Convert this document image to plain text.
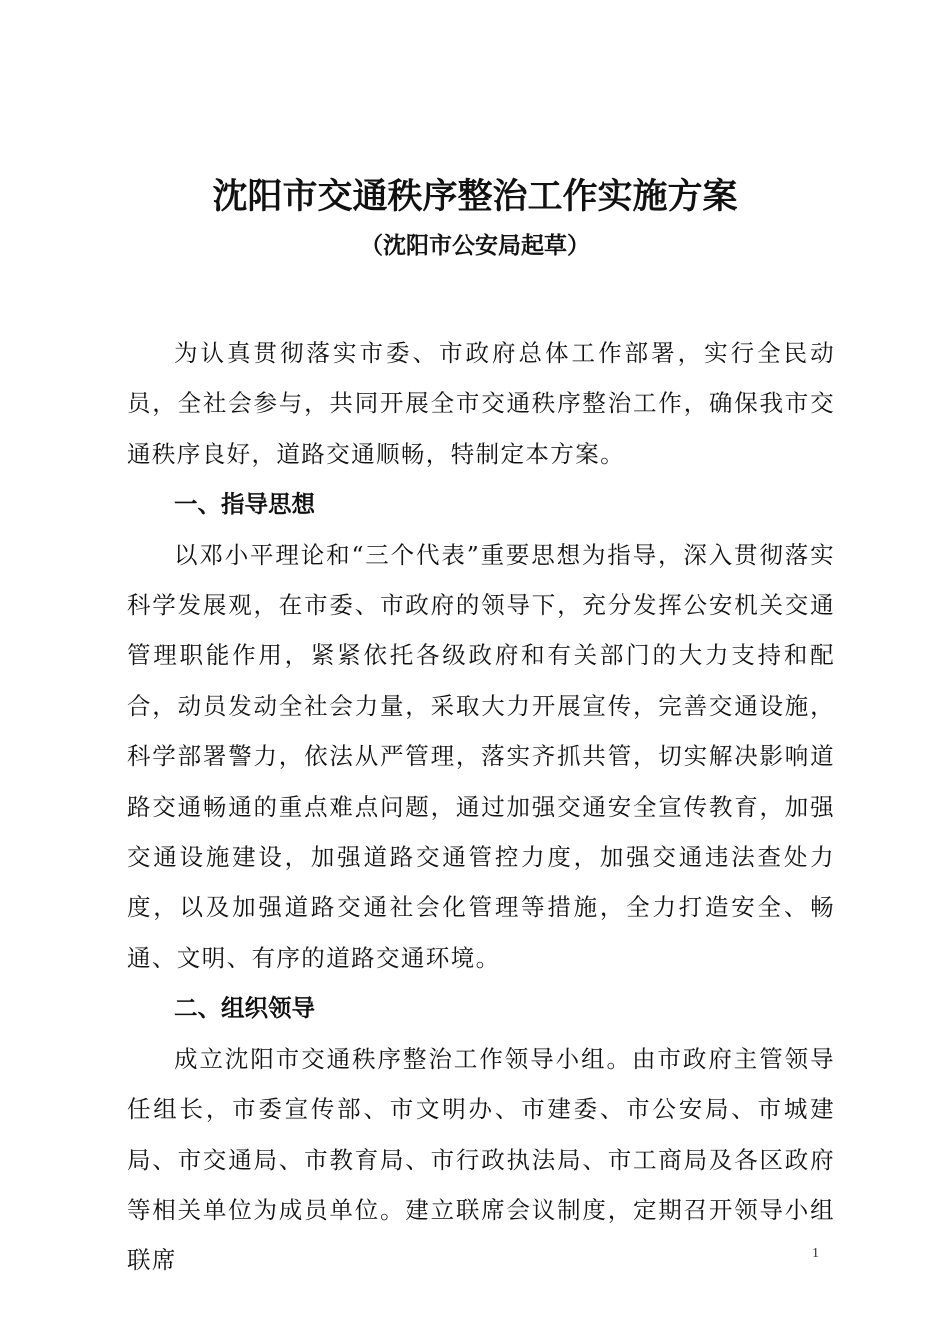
沈阳市交通秩序整治工作实施方案
（沈阳市公安局起草）

为认真贯彻落实市委、市政府总体工作部署，实行全民动员，全社会参与，共同开展全市交通秩序整治工作，确保我市交通秩序良好，道路交通顺畅，特制定本方案。

一、指导思想

以邓小平理论和“三个代表”重要思想为指导，深入贯彻落实科学发展观，在市委、市政府的领导下，充分发挥公安机关交通管理职能作用，紧紧依托各级政府和有关部门的大力支持和配合，动员发动全社会力量，采取大力开展宣传，完善交通设施，科学部署警力，依法从严管理，落实齐抓共管，切实解决影响道路交通畅通的重点难点问题，通过加强交通安全宣传教育，加强交通设施建设，加强道路交通管控力度，加强交通违法查处力度，以及加强道路交通社会化管理等措施，全力打造安全、畅通、文明、有序的道路交通环境。

二、组织领导

成立沈阳市交通秩序整治工作领导小组。由市政府主管领导任组长，市委宣传部、市文明办、市建委、市公安局、市城建局、市交通局、市教育局、市行政执法局、市工商局及各区政府等相关单位为成员单位。建立联席会议制度，定期召开领导小组联席	1
